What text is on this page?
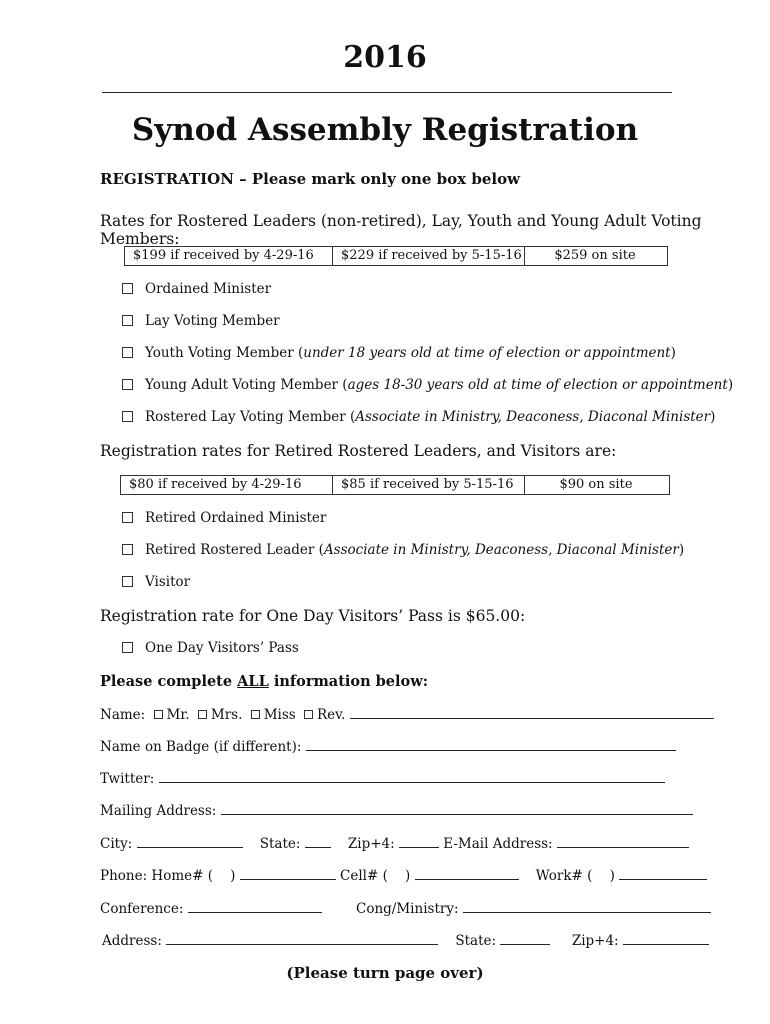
2016
Synod Assembly Registration
REGISTRATION – Please mark only one box below
Rates for Rostered Leaders (non-retired), Lay, Youth and Young Adult Voting Members:
$199 if received by 4-29-16	$229 if received by 5-15-16	$259 on site
Ordained Minister
Lay Voting Member
Youth Voting Member (under 18 years old at time of election or appointment)
Young Adult Voting Member (ages 18-30 years old at time of election or appointment)
Rostered Lay Voting Member (Associate in Ministry, Deaconess, Diaconal Minister)
Registration rates for Retired Rostered Leaders, and Visitors are:
$80 if received by 4-29-16	$85 if received by 5-15-16	$90 on site
Retired Ordained Minister
Retired Rostered Leader (Associate in Ministry, Deaconess, Diaconal Minister)
Visitor
Registration rate for One Day Visitors’ Pass is $65.00:
One Day Visitors’ Pass
Please complete ALL information below:
Name: Mr. Mrs. Miss Rev.
Name on Badge (if different):
Twitter:
Mailing Address:
City:	State:	Zip+4:	E-Mail Address:
Phone: Home# ( )	Cell# ( )	Work# ( )
Conference:	Cong/Ministry:
Address:	State:	Zip+4:
(Please turn page over)
